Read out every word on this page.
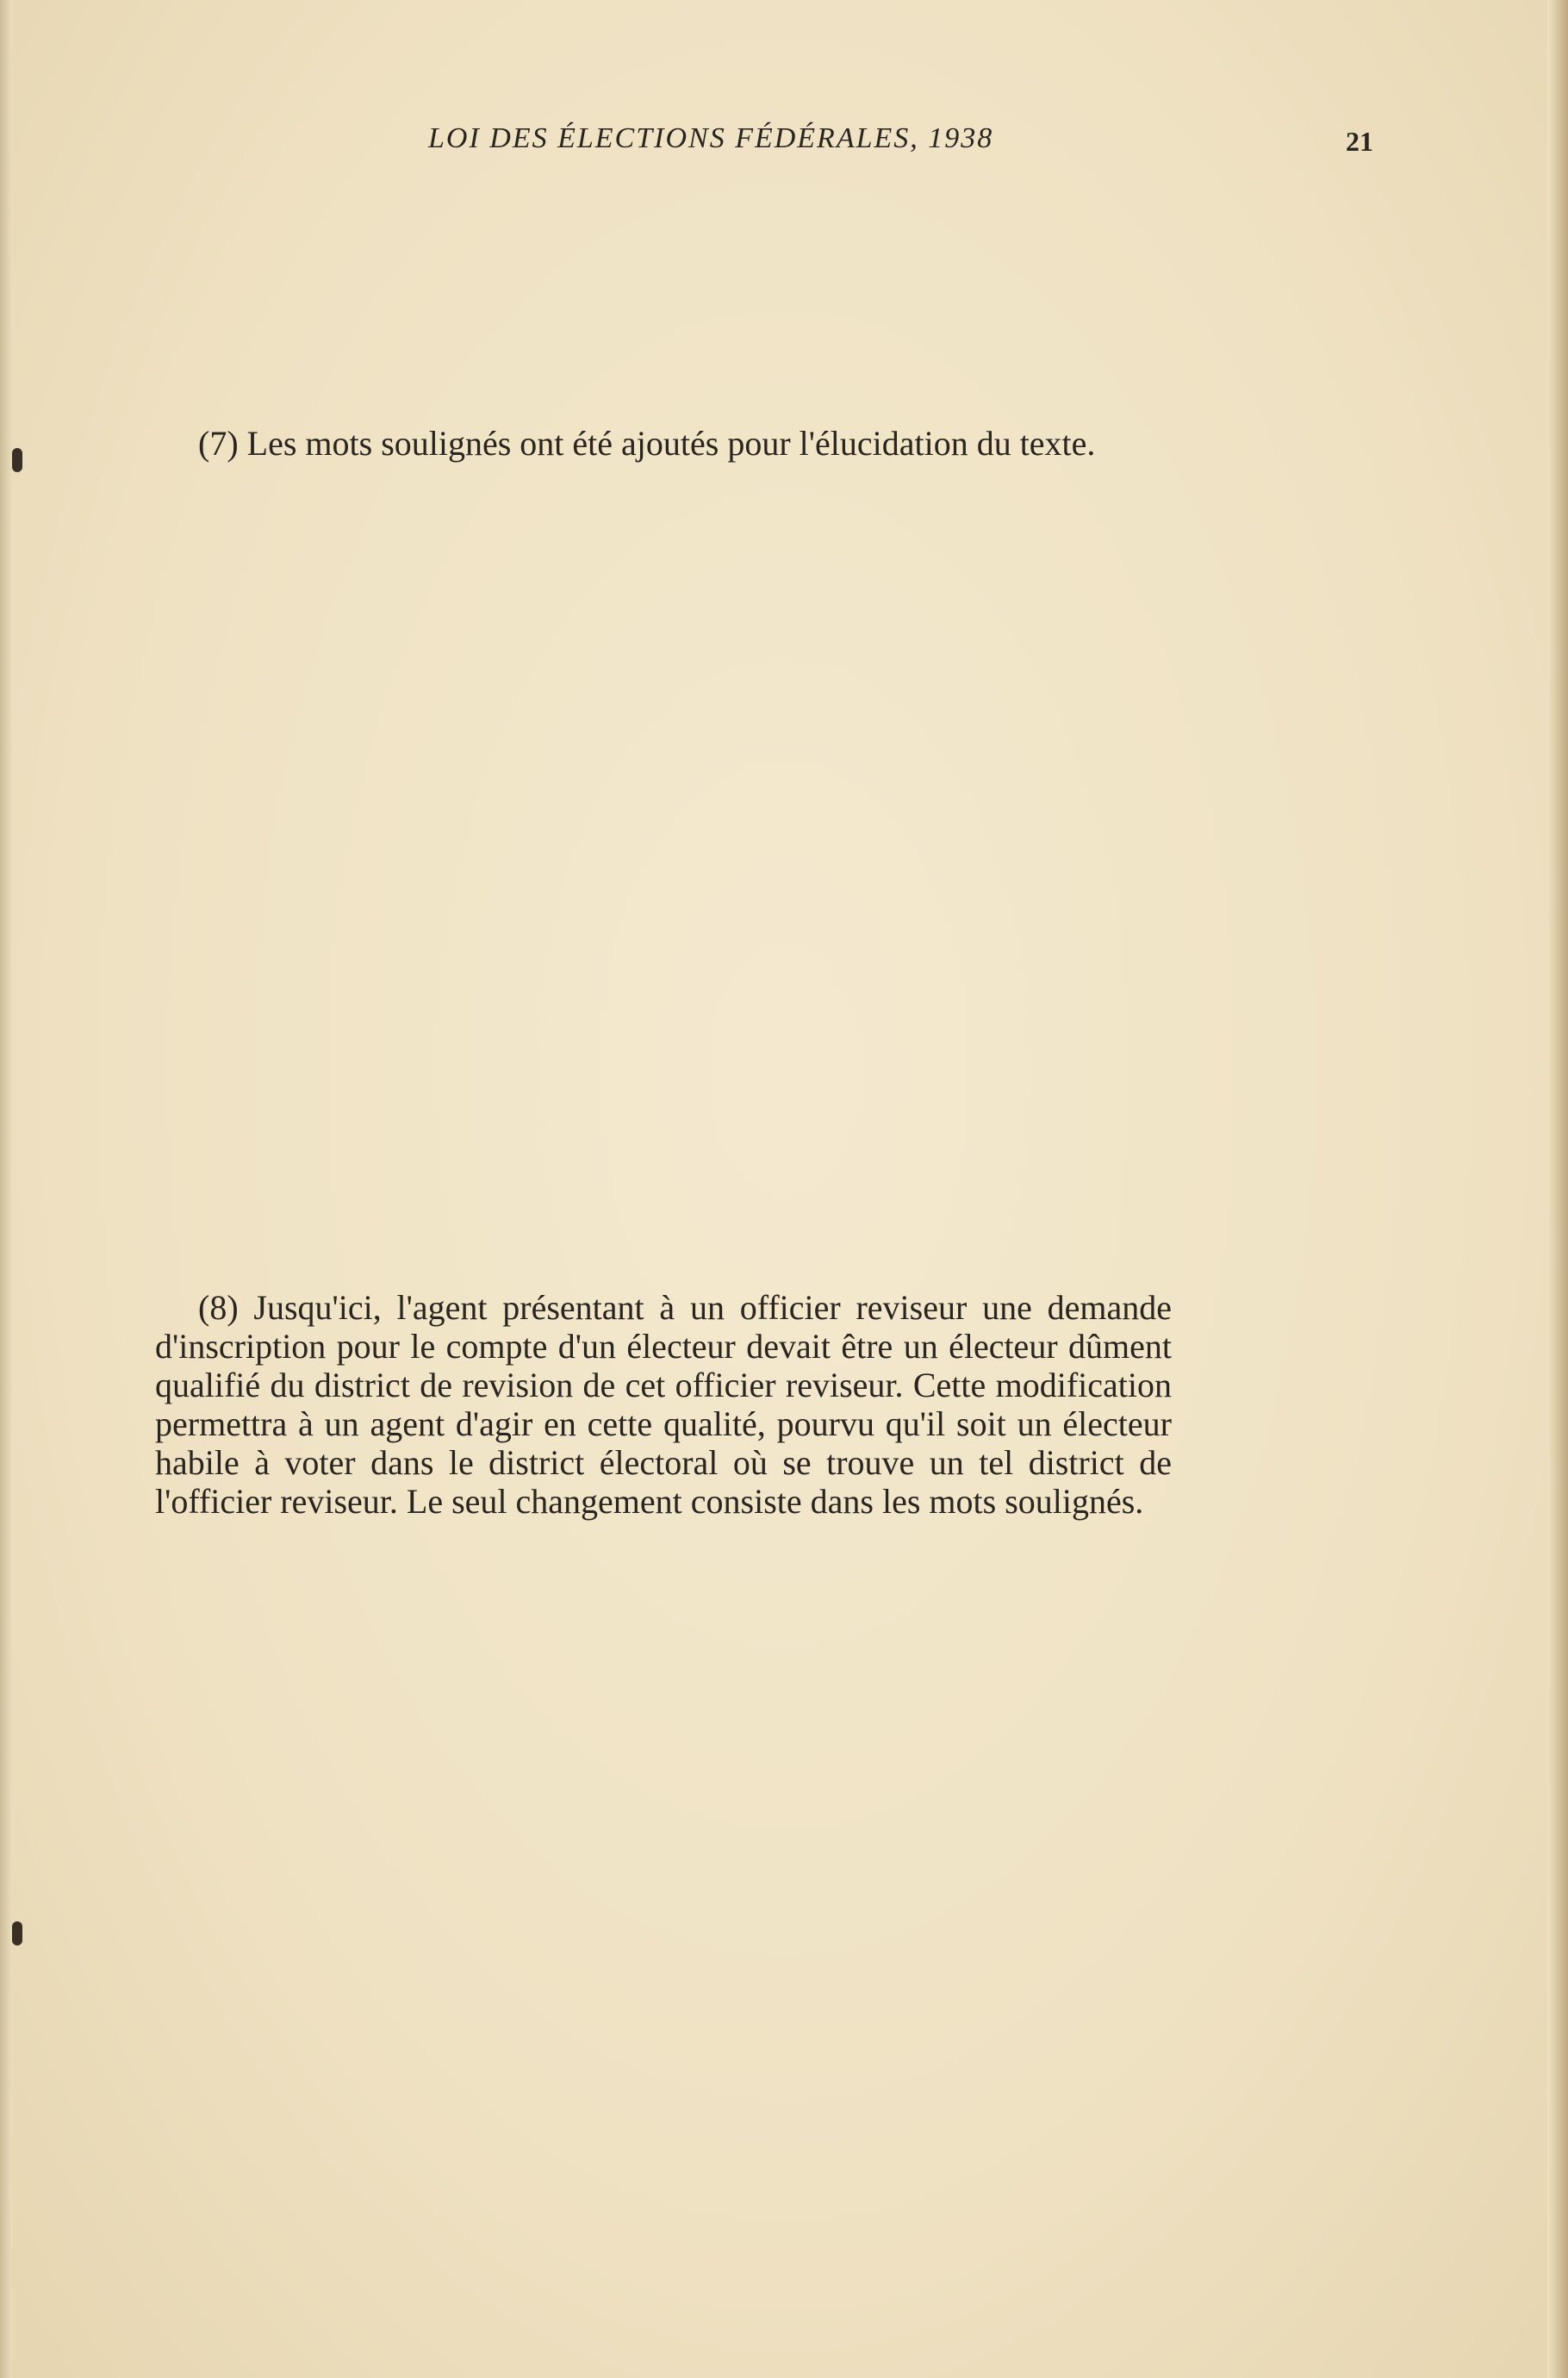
LOI DES ÉLECTIONS FÉDÉRALES, 1938	21

(7) Les mots soulignés ont été ajoutés pour l'élucidation du texte.

(8) Jusqu'ici, l'agent présentant à un officier reviseur une demande d'inscription pour le compte d'un électeur devait être un électeur dûment qualifié du district de revision de cet officier reviseur. Cette modification permettra à un agent d'agir en cette qualité, pourvu qu'il soit un électeur habile à voter dans le district électoral où se trouve un tel district de l'officier reviseur. Le seul changement consiste dans les mots soulignés.
